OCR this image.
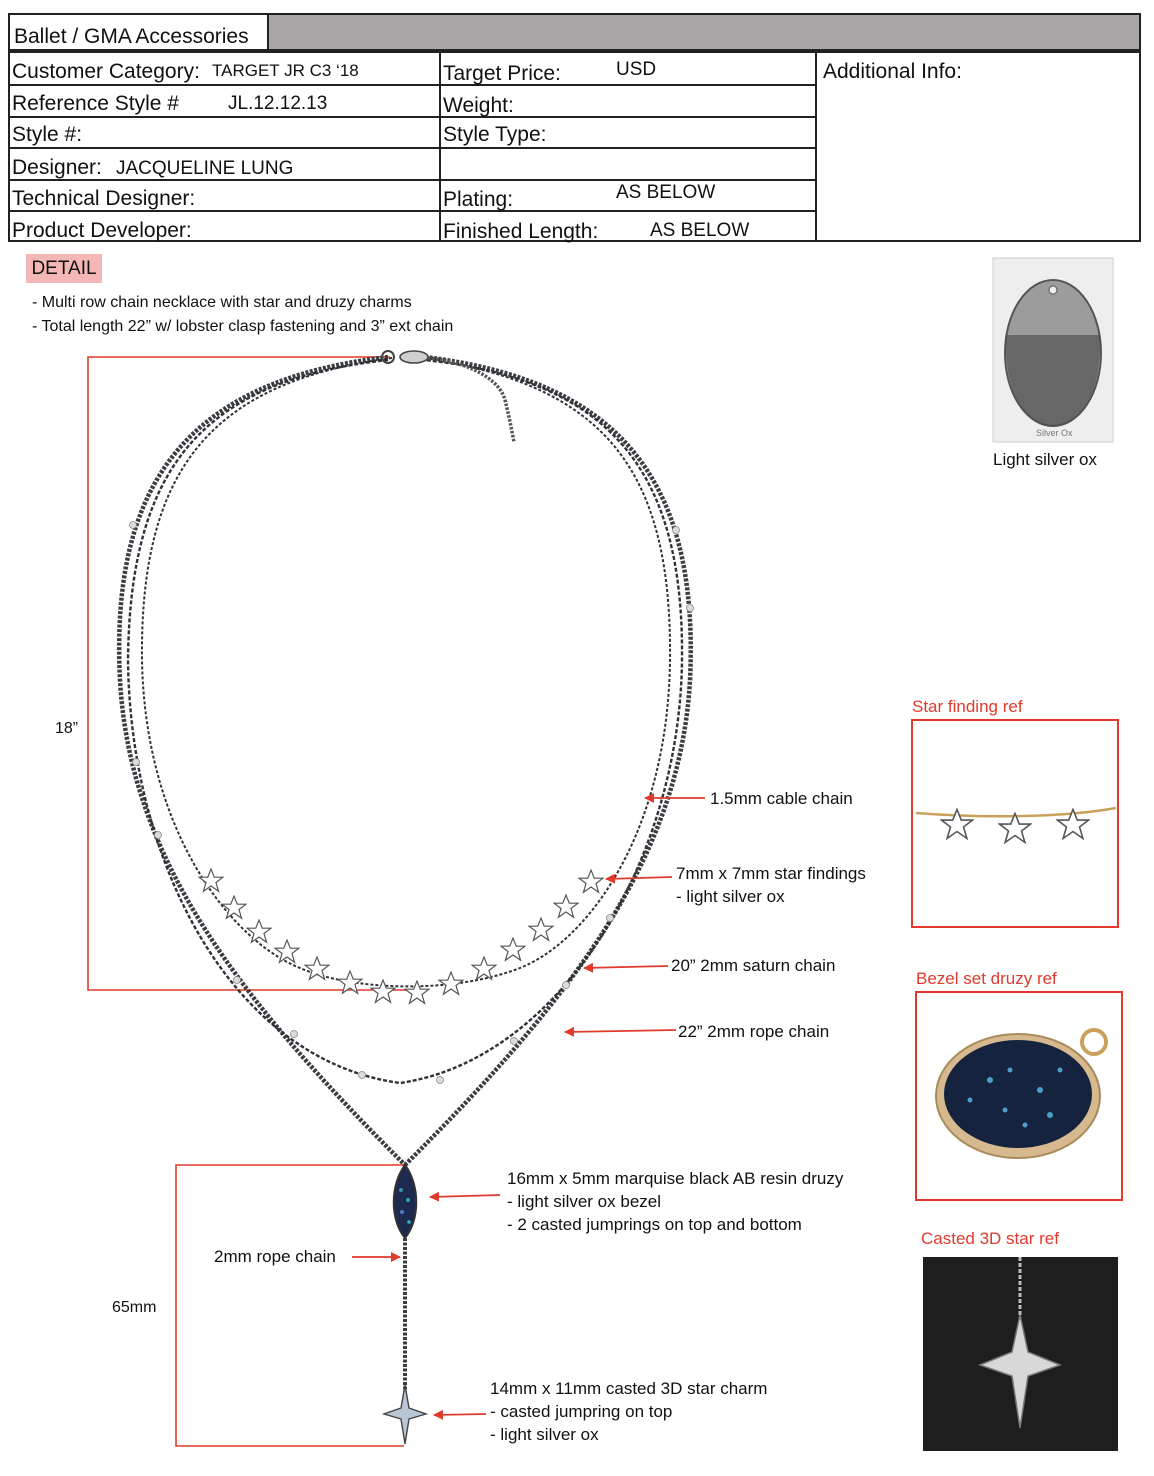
Ballet / GMA Accessories
Customer Category: TARGET JR C3 ‘18
Reference Style #	JL.12.12.13
Style #:
Designer: JACQUELINE LUNG
Technical Designer:
Product Developer:
Target Price:	USD
Weight:
Style Type:
Plating:	AS BELOW
Finished Length:	AS BELOW
Additional Info:
DETAIL
- Multi row chain necklace with star and druzy charms
- Total length 22” w/ lobster clasp fastening and 3” ext chain
18”
65mm
1.5mm cable chain
7mm x 7mm star findings
- light silver ox
20” 2mm saturn chain
22” 2mm rope chain
16mm x 5mm marquise black AB resin druzy
- light silver ox bezel
- 2 casted jumprings on top and bottom
2mm rope chain
14mm x 11mm casted 3D star charm
- casted jumpring on top
- light silver ox
Silver Ox
Light silver ox
Star finding ref
Bezel set druzy ref
Casted 3D star ref
